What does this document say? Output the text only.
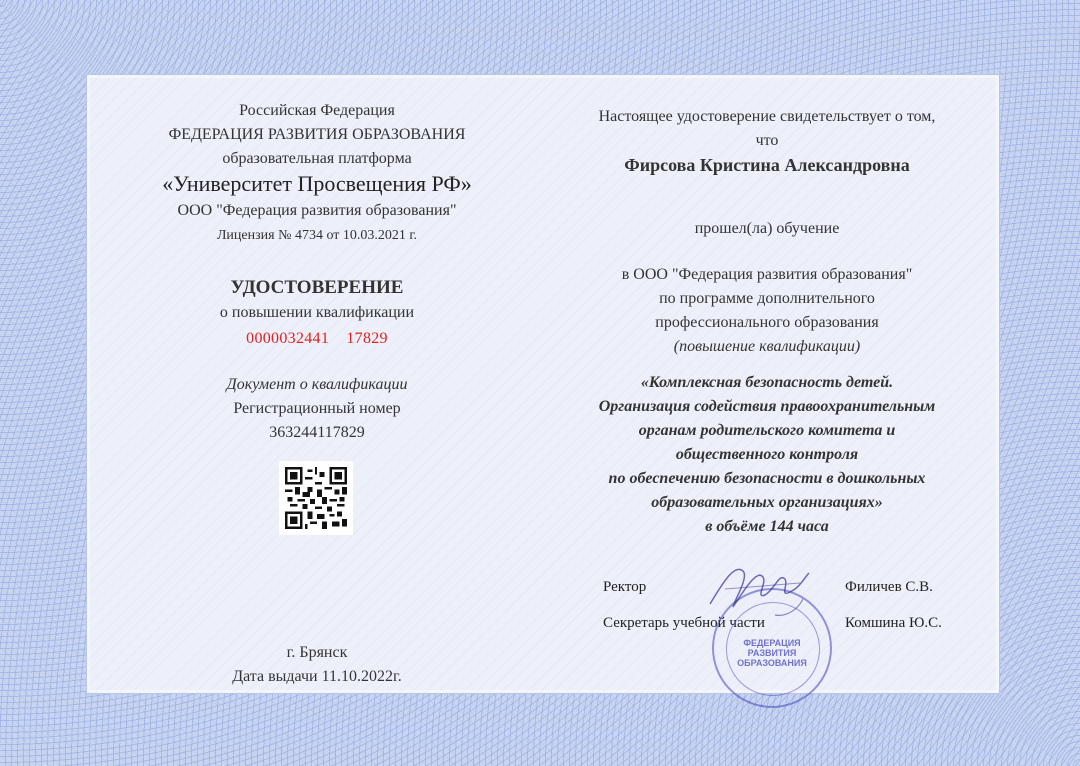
Российская Федерация
ФЕДЕРАЦИЯ РАЗВИТИЯ ОБРАЗОВАНИЯ
образовательная платформа
«Университет Просвещения РФ»
ООО "Федерация развития образования"
Лицензия № 4734 от 10.03.2021 г.
УДОСТОВЕРЕНИЕ
о повышении квалификации
0000032441 17829
Документ о квалификации
Регистрационный номер
363244117829
г. Брянск
Дата выдачи 11.10.2022г.
Настоящее удостоверение свидетельствует о том,
что
Фирсова Кристина Александровна
прошел(ла) обучение
в ООО "Федерация развития образования"
по программе дополнительного
профессионального образования
(повышение квалификации)
«Комплексная безопасность детей.
Организация содействия правоохранительным
органам родительского комитета и
общественного контроля
по обеспечению безопасности в дошкольных
образовательных организациях»
в объёме 144 часа
Ректор	Филичев С.В.
Секретарь учебной части	Комшина Ю.С.
ФЕДЕРАЦИЯ
РАЗВИТИЯ
ОБРАЗОВАНИЯ
